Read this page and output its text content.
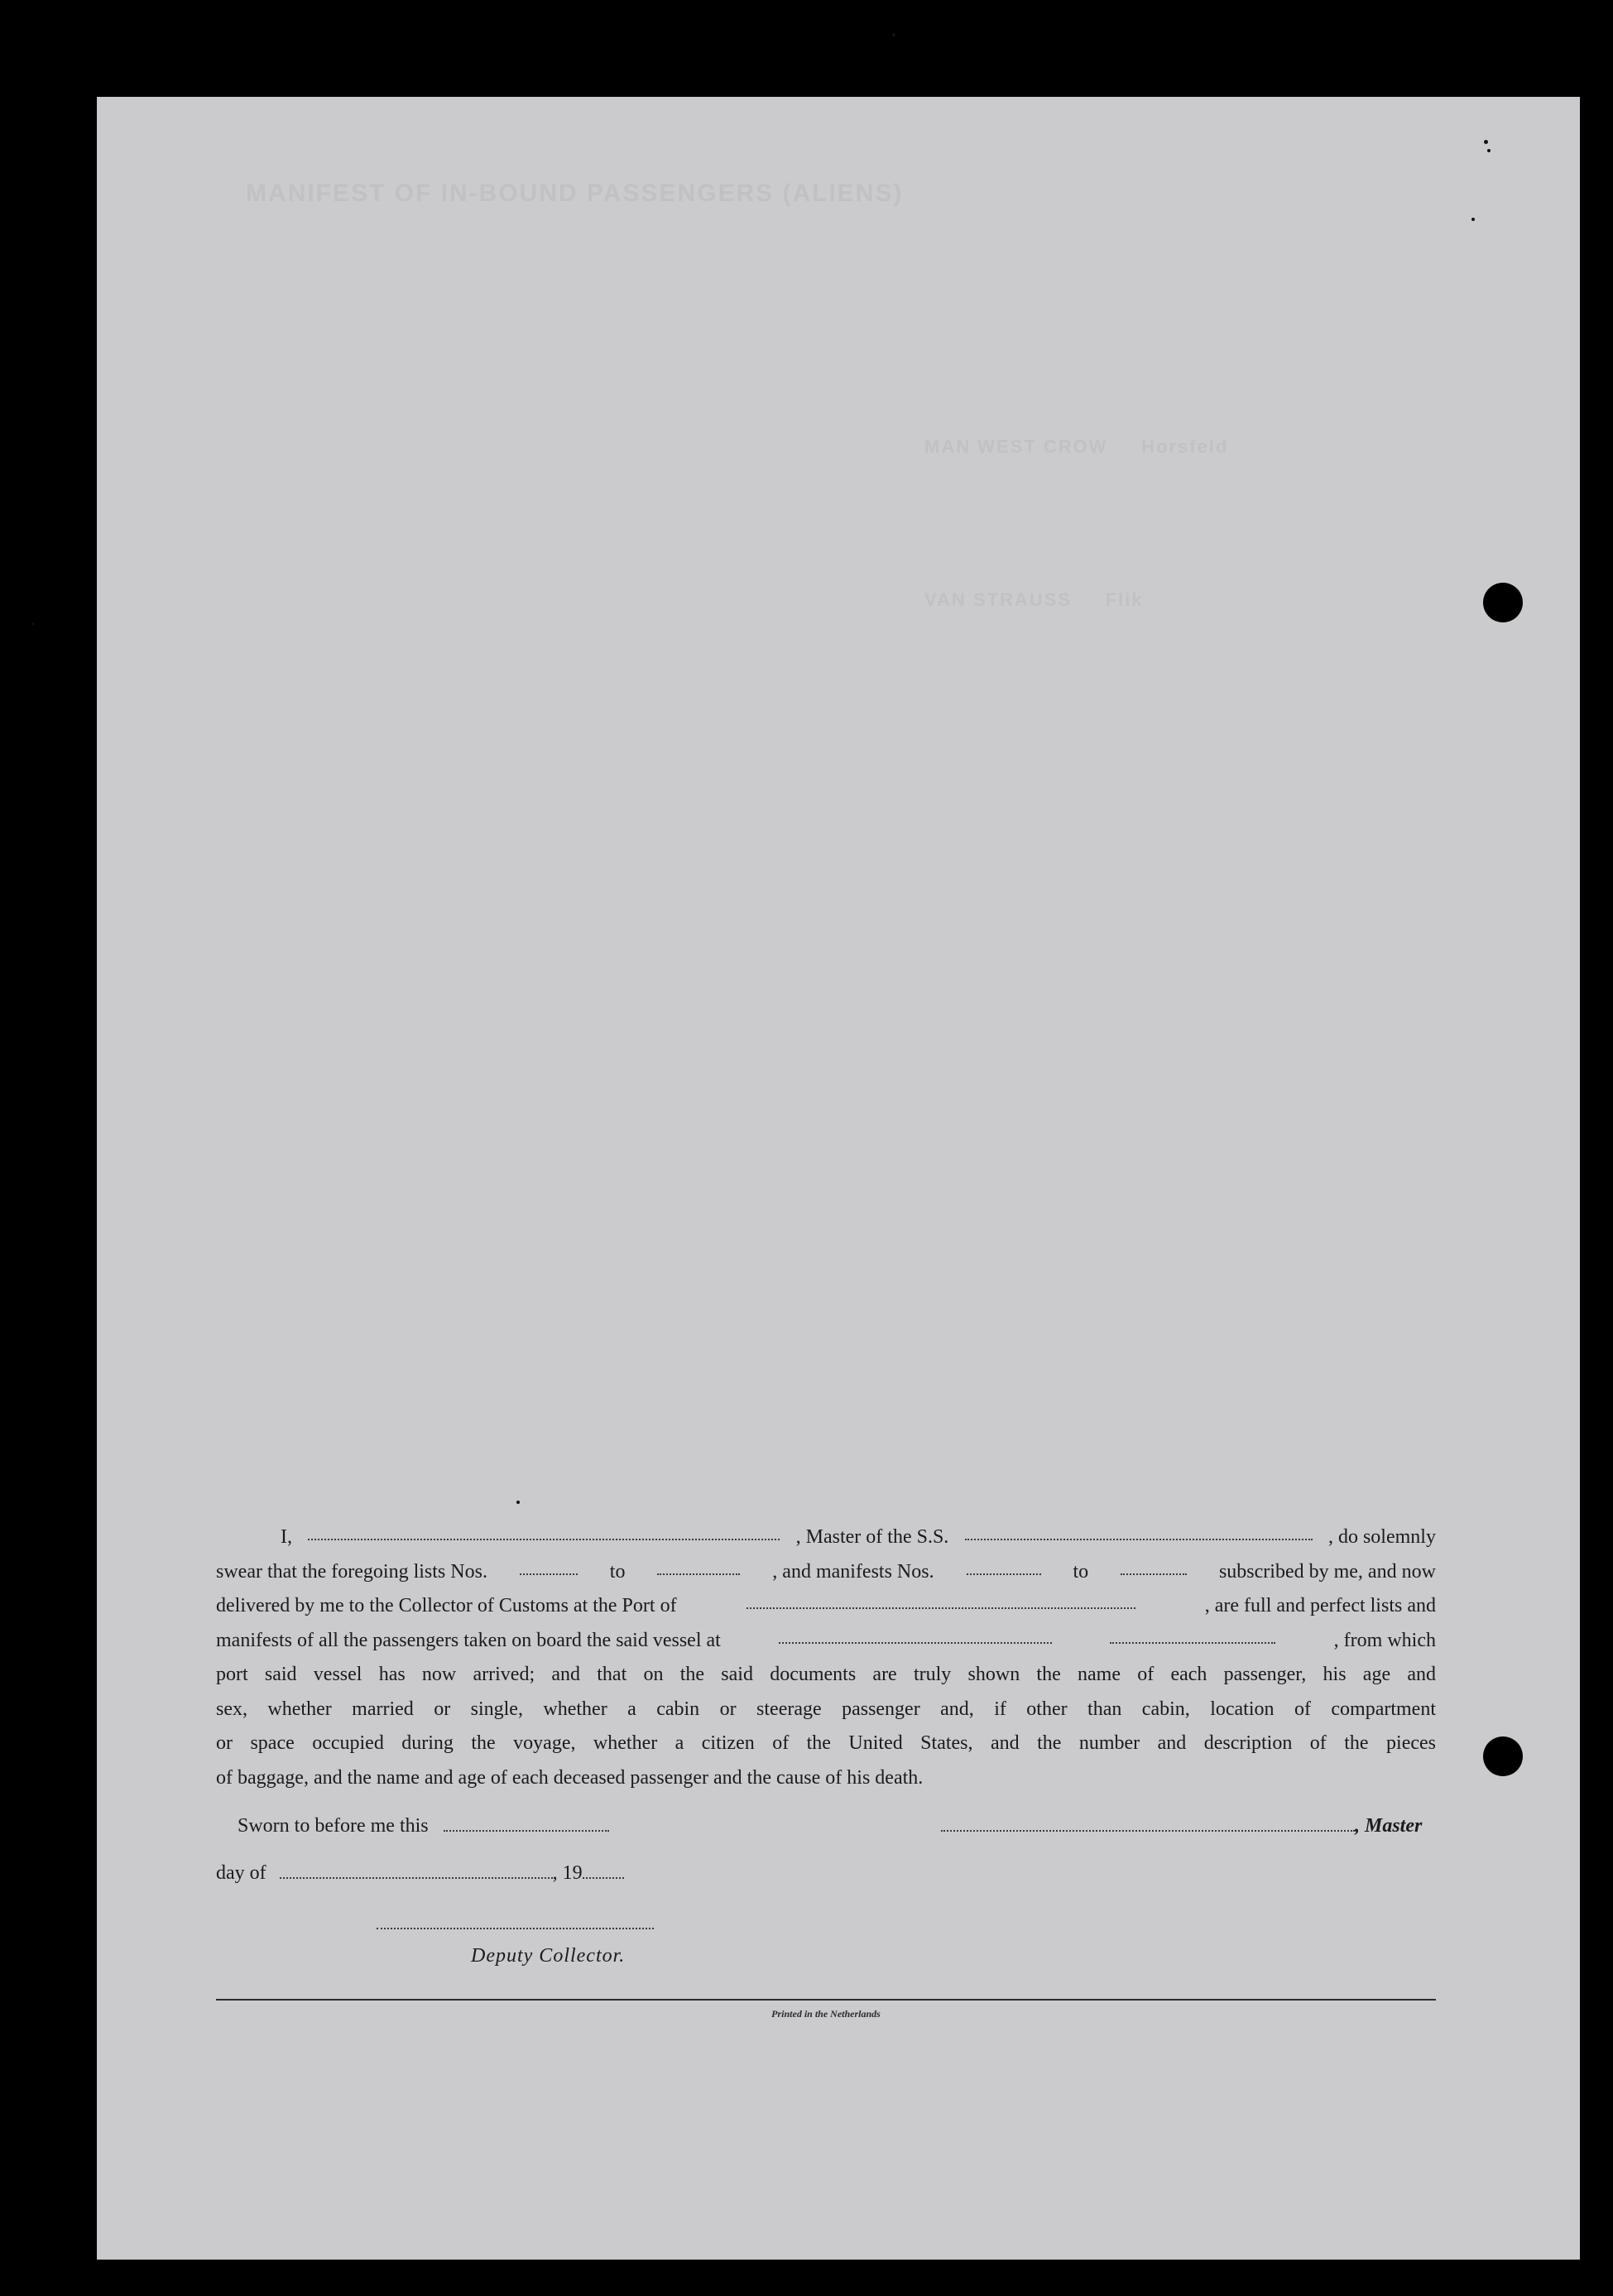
MANIFEST OF IN-BOUND PASSENGERS (ALIENS)
MAN WEST CROW     Horsfeld
VAN STRAUSS     Flik
I,	, Master of the S.S.	, do solemnly
swear that the foregoing lists Nos.	to	, and manifests Nos.	to	subscribed by me, and now
delivered by me to the Collector of Customs at the Port of	, are full and perfect lists and
manifests of all the passengers taken on board the said vessel at	, from which
port said vessel has now arrived; and that on the said documents are truly shown the name of each passenger, his age and
sex, whether married or single, whether a cabin or steerage passenger and, if other than cabin, location of compartment
or space occupied during the voyage, whether a citizen of the United States, and the number and description of the pieces
of baggage, and the name and age of each deceased passenger and the cause of his death.
Sworn to before me this	, Master
day of	, 19
Deputy Collector.
Printed in the Netherlands
